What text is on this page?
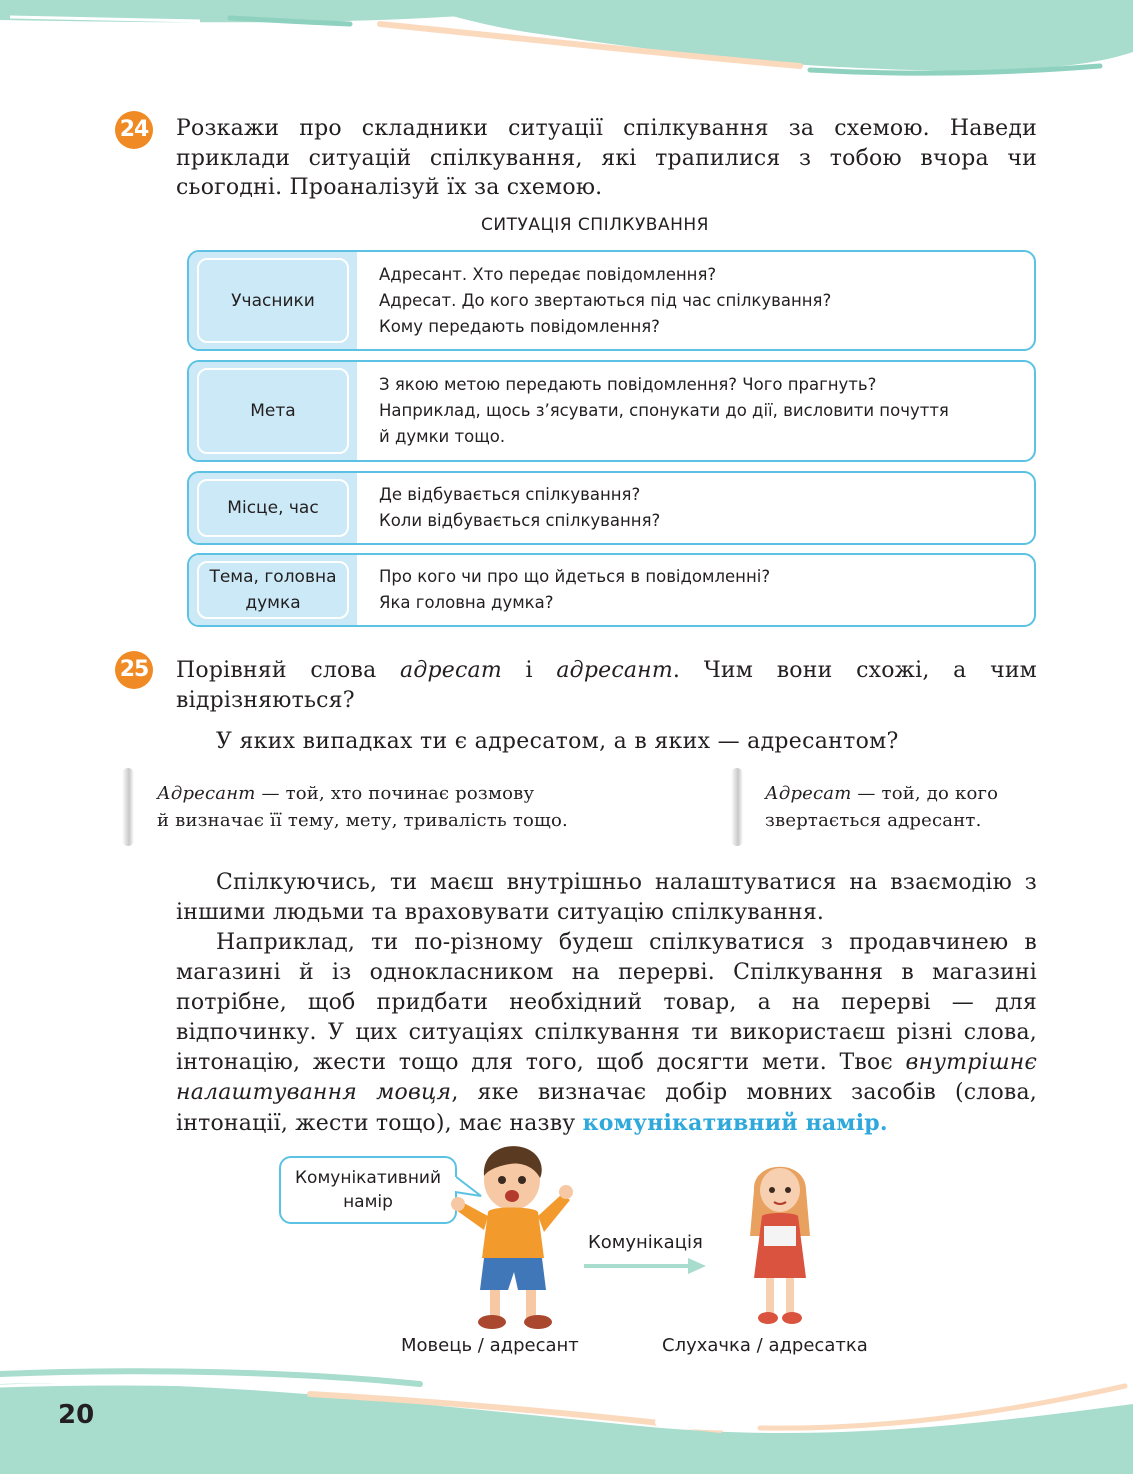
24 Розкажи про складники ситуації спілкування за схемою. Наведи приклади ситуацій спілкування, які трапилися з тобою вчора чи сьогодні. Проаналізуй їх за схемою.
СИТУАЦІЯ СПІЛКУВАННЯ
Учасники
Адресант. Хто передає повідомлення?
Адресат. До кого звертаються під час спілкування?
Кому передають повідомлення?
Мета
З якою метою передають повідомлення? Чого прагнуть?
Наприклад, щось з’ясувати, спонукати до дії, висловити почуття
й думки тощо.
Місце, час
Де відбувається спілкування?
Коли відбувається спілкування?
Тема, головна
думка
Про кого чи про що йдеться в повідомленні?
Яка головна думка?
25 Порівняй слова адресат і адресант. Чим вони схожі, а чим відрізняються?
У яких випадках ти є адресатом, а в яких — адресантом?
Адресант — той, хто починає розмову
й визначає її тему, мету, тривалість тощо.
Адресат — той, до кого
звертається адресант.
Спілкуючись, ти маєш внутрішньо налаштуватися на взаємодію з іншими людьми та враховувати ситуацію спілкування.
Наприклад, ти по-різному будеш спілкуватися з продавчинею в магазині й із однокласником на перерві. Спілкування в магазині потрібне, щоб придбати необхідний товар, а на перерві — для відпочинку. У цих ситуаціях спілкування ти використаєш різні слова, інтонацію, жести тощо для того, щоб досягти мети. Твоє внутрішнє налаштування мовця, яке визначає добір мовних засобів (слова, інтонації, жести тощо), має назву комунікативний намір.
Комунікативний
намір
Комунікація
Мовець / адресант	Слухачка / адресатка
20
